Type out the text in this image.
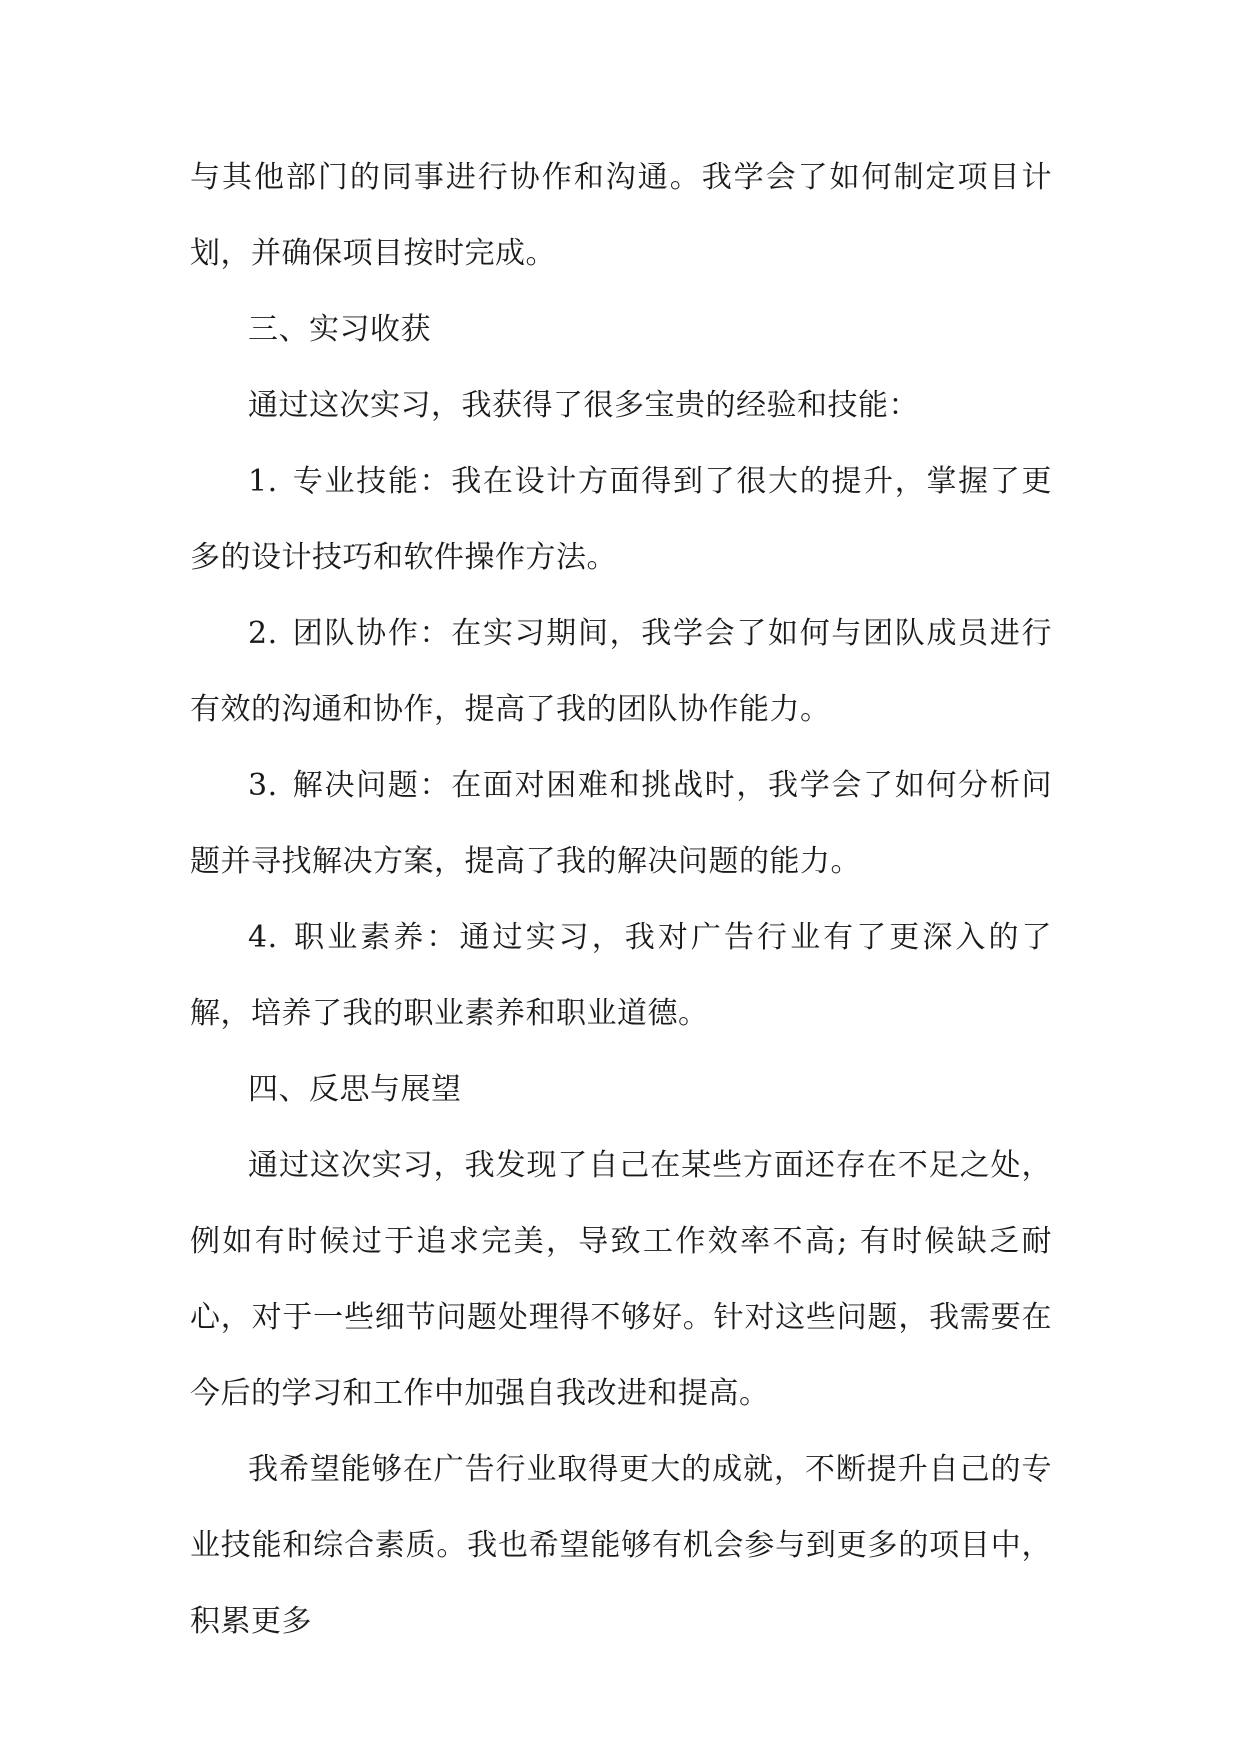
与其他部门的同事进行协作和沟通。我学会了如何制定项目计划，并确保项目按时完成。

三、实习收获

通过这次实习，我获得了很多宝贵的经验和技能：

1. 专业技能：我在设计方面得到了很大的提升，掌握了更多的设计技巧和软件操作方法。

2. 团队协作：在实习期间，我学会了如何与团队成员进行有效的沟通和协作，提高了我的团队协作能力。

3. 解决问题：在面对困难和挑战时，我学会了如何分析问题并寻找解决方案，提高了我的解决问题的能力。

4. 职业素养：通过实习，我对广告行业有了更深入的了解，培养了我的职业素养和职业道德。

四、反思与展望

通过这次实习，我发现了自己在某些方面还存在不足之处，例如有时候过于追求完美，导致工作效率不高; 有时候缺乏耐心，对于一些细节问题处理得不够好。针对这些问题，我需要在今后的学习和工作中加强自我改进和提高。

我希望能够在广告行业取得更大的成就，不断提升自己的专业技能和综合素质。我也希望能够有机会参与到更多的项目中，积累更多
